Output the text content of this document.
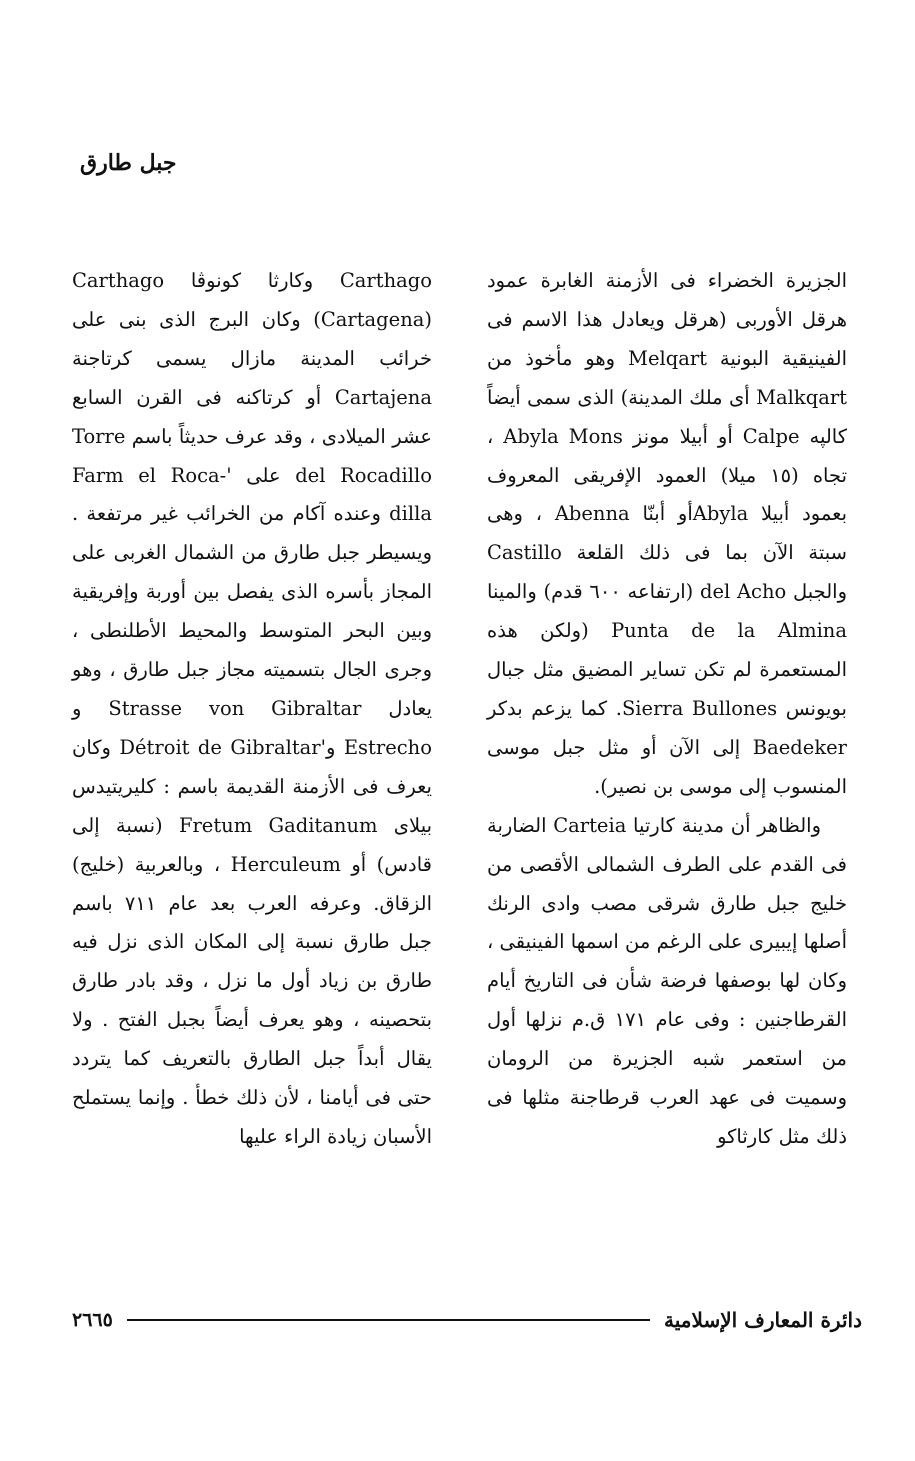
جبل طارق

الجزيرة الخضراء فى الأزمنة الغابرة عمود هرقل الأوربى (هرقل ويعادل هذا الاسم فى الفينيقية البونية Melqart وهو مأخوذ من Malkqart أى ملك المدينة) الذى سمى أيضاً كالپه Calpe أو أبيلا مونز Abyla Mons ، تجاه (١٥ ميلا) العمود الإفريقى المعروف بعمود أبيلا Abylaأو أبنّا Abenna ، وهى سبتة الآن بما فى ذلك القلعة Castillo والجبل del Acho (ارتفاعه ٦٠٠ قدم) والمينا Punta de la Almina (ولكن هذه المستعمرة لم تكن تساير المضيق مثل جبال بويونس Sierra Bullones. كما يزعم بدكر Baedeker إلى الآن أو مثل جبل موسى المنسوب إلى موسى بن نصير).

والظاهر أن مدينة كارتيا Carteia الضاربة فى القدم على الطرف الشمالى الأقصى من خليج جبل طارق شرقى مصب وادى الرنك أصلها إيبيرى على الرغم من اسمها الفينيقى ، وكان لها بوصفها فرضة شأن فى التاريخ أيام القرطاجنين : وفى عام ١٧١ ق.م نزلها أول من استعمر شبه الجزيرة من الرومان وسميت فى عهد العرب قرطاجنة مثلها فى ذلك مثل كارثاكو

Carthago وكارثا كونوڤا Carthago (Cartagena) وكان البرج الذى بنى على خرائب المدينة مازال يسمى كرتاجنة Cartajena أو كرتاكنه فى القرن السابع عشر الميلادى ، وقد عرف حديثاً باسم Torre del Rocadillo على 'Farm el Roca- dilla وعنده آكام من الخرائب غير مرتفعة . ويسيطر جبل طارق من الشمال الغربى على المجاز بأسره الذى يفصل بين أوربة وإفريقية وبين البحر المتوسط والمحيط الأطلنطى ، وجرى الجال بتسميته مجاز جبل طارق ، وهو يعادل Strasse von Gibraltar و Estrecho و'Détroit de Gibraltar وكان يعرف فى الأزمنة القديمة باسم : كليريتيدس بيلاى Fretum Gaditanum (نسبة إلى قادس) أو Herculeum ، وبالعربية (خليج) الزقاق. وعرفه العرب بعد عام ٧١١ باسم جبل طارق نسبة إلى المكان الذى نزل فيه طارق بن زياد أول ما نزل ، وقد بادر طارق بتحصينه ، وهو يعرف أيضاً بجبل الفتح . ولا يقال أبداً جبل الطارق بالتعريف كما يتردد حتى فى أيامنا ، لأن ذلك خطأ . وإنما يستملح الأسبان زيادة الراء عليها

دائرة المعارف الإسلامية
٢٦٦٥
